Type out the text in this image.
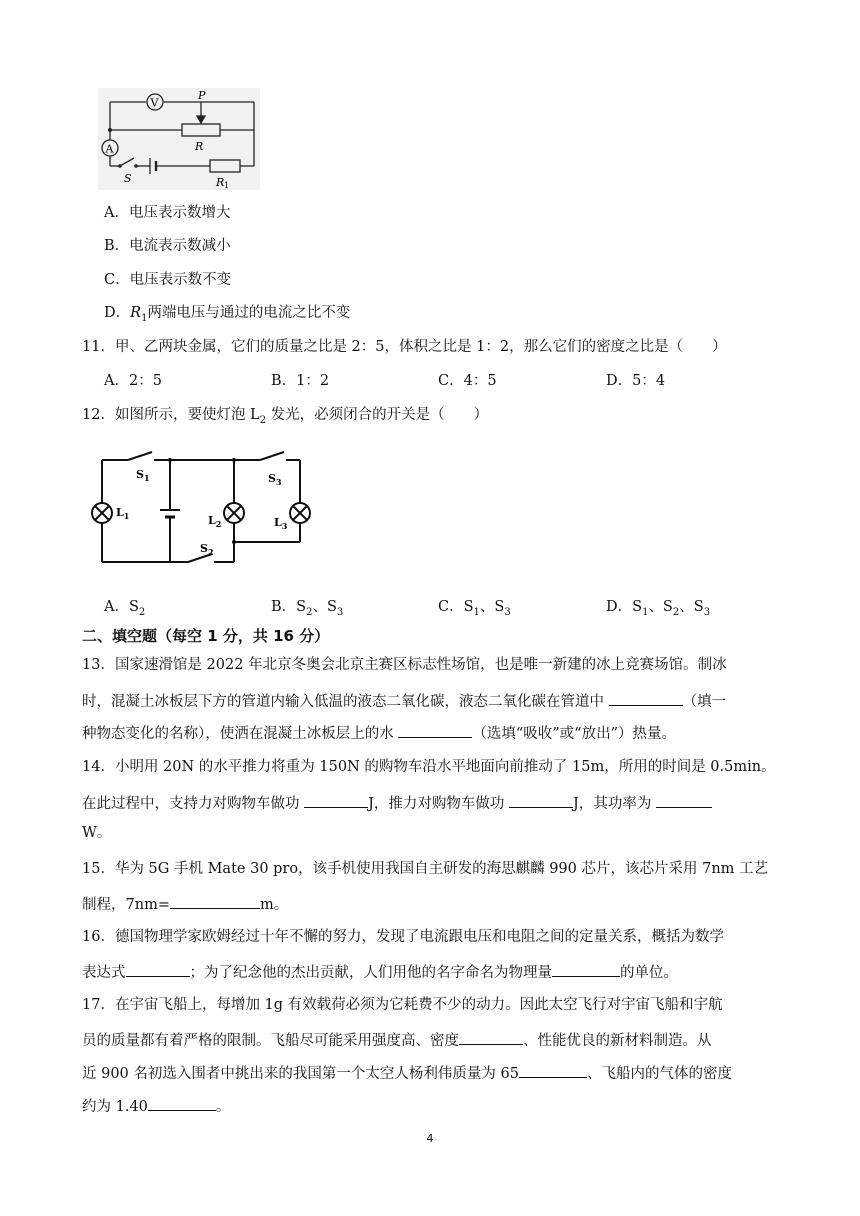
V
A
P
R
S	R 1
A．电压表示数增大
B．电流表示数减小
C．电压表示数不变
D．$R_1$两端电压与通过的电流之比不变
11．甲、乙两块金属，它们的质量之比是 2：5，体积之比是 1：2，那么它们的密度之比是（　　）
A．2：5	B．1：2	C．4：5	D．5：4
12．如图所示，要使灯泡 $L_2$ 发光，必须闭合的开关是（　　）
$S_1$
$S_2$
$S_3$
$L_1$	$L_2$	$L_3$
A．$S_2$	B．$S_2$、$S_3$	C．$S_1$、$S_3$	D．$S_1$、$S_2$、$S_3$
二、填空题（每空 1 分，共 16 分）
13．国家速滑馆是 2022 年北京冬奥会北京主赛区标志性场馆，也是唯一新建的冰上竞赛场馆。制冰
时，混凝土冰板层下方的管道内输入低温的液态二氧化碳，液态二氧化碳在管道中	（填一
种物态变化的名称），使洒在混凝土冰板层上的水	（选填“吸收”或“放出”）热量。
14．小明用 20N 的水平推力将重为 150N 的购物车沿水平地面向前推动了 15m，所用的时间是 0.5min。
在此过程中，支持力对购物车做功	J，推力对购物车做功	J，其功率为
W。
15．华为 5G 手机 Mate 30 pro，该手机使用我国自主研发的海思麒麟 990 芯片，该芯片采用 7nm 工艺
制程，7nm=	m。
16．德国物理学家欧姆经过十年不懈的努力，发现了电流跟电压和电阻之间的定量关系，概括为数学
表达式	；为了纪念他的杰出贡献，人们用他的名字命名为物理量	的单位。
17．在宇宙飞船上，每增加 1g 有效载荷必须为它耗费不少的动力。因此太空飞行对宇宙飞船和宇航
员的质量都有着严格的限制。飞船尽可能采用强度高、密度	、性能优良的新材料制造。从
近 900 名初选入围者中挑出来的我国第一个太空人杨利伟质量为 65	、飞船内的气体的密度
约为 1.40	。
4
